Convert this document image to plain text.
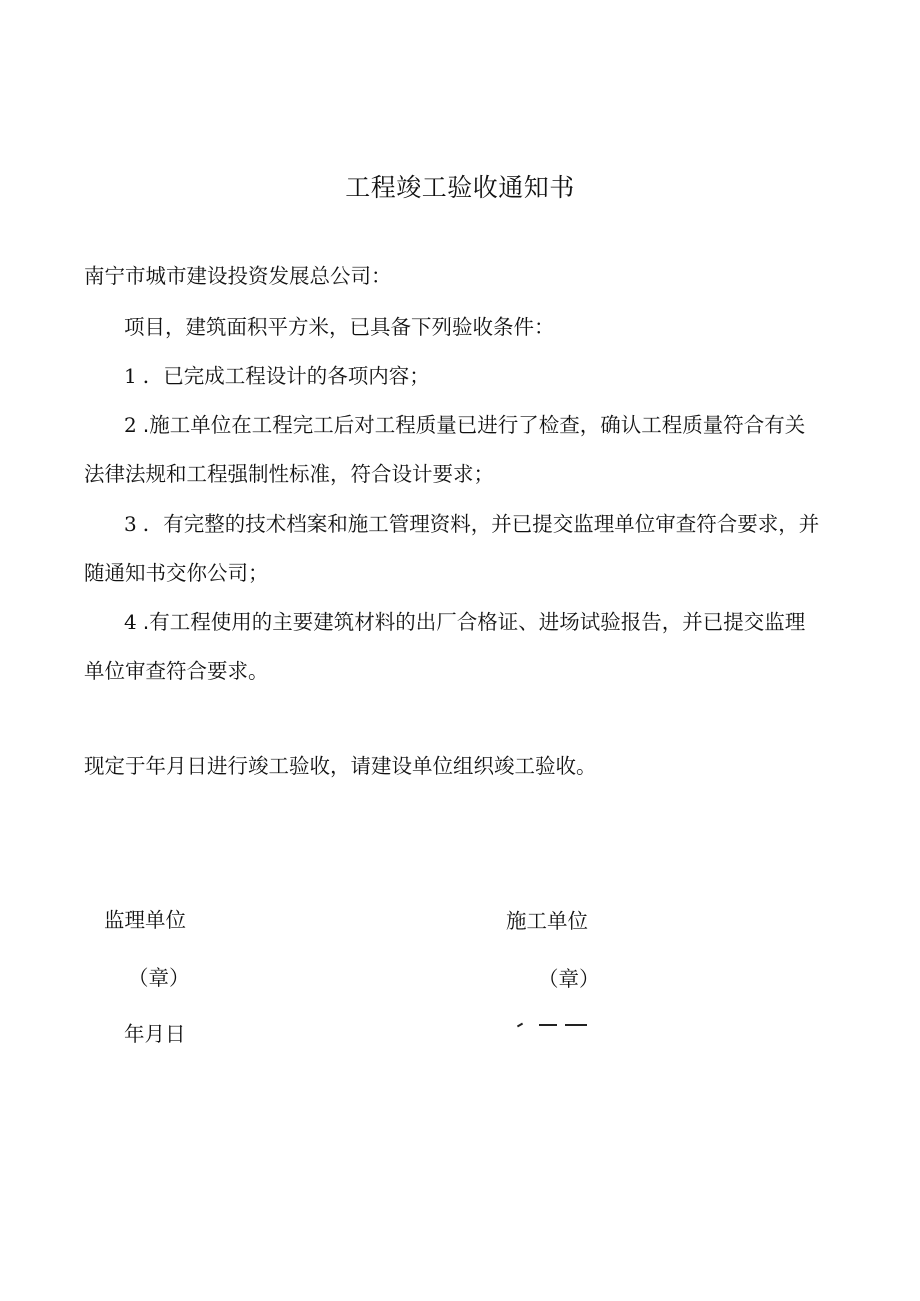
工程竣工验收通知书
南宁市城市建设投资发展总公司：
项目，建筑面积平方米，已具备下列验收条件：
1 ．已完成工程设计的各项内容；
2 .施工单位在工程完工后对工程质量已进行了检查，确认工程质量符合有关
法律法规和工程强制性标准，符合设计要求；
3 ．有完整的技术档案和施工管理资料，并已提交监理单位审查符合要求，并
随通知书交你公司；
4 .有工程使用的主要建筑材料的出厂合格证、进场试验报告，并已提交监理
单位审查符合要求。
现定于年月日进行竣工验收，请建设单位组织竣工验收。
监理单位
（章）
年月日
施工单位
（章）
